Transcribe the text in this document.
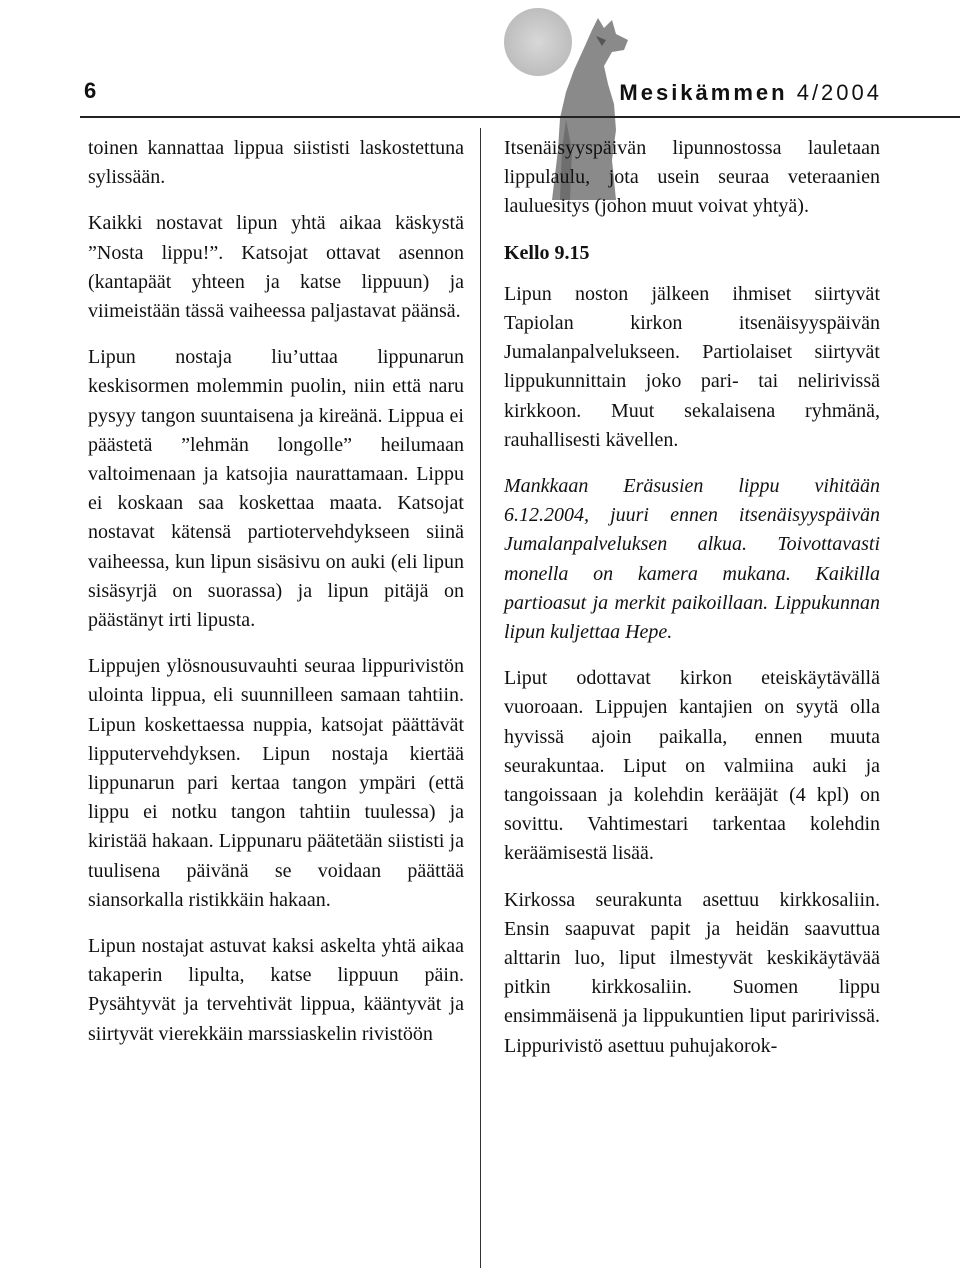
6	Mesikämmen 4/2004

toinen kannattaa lippua siististi laskostettuna sylissään.

Kaikki nostavat lipun yhtä aikaa käskystä ”Nosta lippu!”. Katsojat ottavat asennon (kantapäät yhteen ja katse lippuun) ja viimeistään tässä vaiheessa paljastavat päänsä.

Lipun nostaja liu’uttaa lippunarun keskisormen molemmin puolin, niin että naru pysyy tangon suuntaisena ja kireänä. Lippua ei päästetä ”lehmän longolle” heilumaan valtoimenaan ja katsojia naurattamaan. Lippu ei koskaan saa koskettaa maata. Katsojat nostavat kätensä partiotervehdykseen siinä vaiheessa, kun lipun sisäsivu on auki (eli lipun sisäsyrjä on suorassa) ja lipun pitäjä on päästänyt irti lipusta.

Lippujen ylösnousuvauhti seuraa lippurivistön ulointa lippua, eli suunnilleen samaan tahtiin. Lipun koskettaessa nuppia, katsojat päättävät lipputervehdyksen. Lipun nostaja kiertää lippunarun pari kertaa tangon ympäri (että lippu ei notku tangon tahtiin tuulessa) ja kiristää hakaan. Lippunaru päätetään siististi ja tuulisena päivänä se voidaan päättää siansorkalla ristikkäin hakaan.

Lipun nostajat astuvat kaksi askelta yhtä aikaa takaperin lipulta, katse lippuun päin. Pysähtyvät ja tervehtivät lippua, kääntyvät ja siirtyvät vierekkäin marssiaskelin rivistöön

Itsenäisyyspäivän lipunnostossa lauletaan lippulaulu, jota usein seuraa veteraanien lauluesitys (johon muut voivat yhtyä).

Kello 9.15

Lipun noston jälkeen ihmiset siirtyvät Tapiolan kirkon itsenäisyyspäivän Jumalanpalvelukseen. Partiolaiset siirtyvät lippukunnittain joko pari- tai nelirivissä kirkkoon. Muut sekalaisena ryhmänä, rauhallisesti kävellen.

Mankkaan Eräsusien lippu vihitään 6.12.2004, juuri ennen itsenäisyyspäivän Jumalanpalveluksen alkua. Toivottavasti monella on kamera mukana. Kaikilla partioasut ja merkit paikoillaan. Lippukunnan lipun kuljettaa Hepe.

Liput odottavat kirkon eteiskäytävällä vuoroaan. Lippujen kantajien on syytä olla hyvissä ajoin paikalla, ennen muuta seurakuntaa. Liput on valmiina auki ja tangoissaan ja kolehdin kerääjät (4 kpl) on sovittu. Vahtimestari tarkentaa kolehdin keräämisestä lisää.

Kirkossa seurakunta asettuu kirkkosaliin. Ensin saapuvat papit ja heidän saavuttua alttarin luo, liput ilmestyvät keskikäytävää pitkin kirkkosaliin. Suomen lippu ensimmäisenä ja lippukuntien liput paririvissä. Lippurivistö asettuu puhujakorok-
